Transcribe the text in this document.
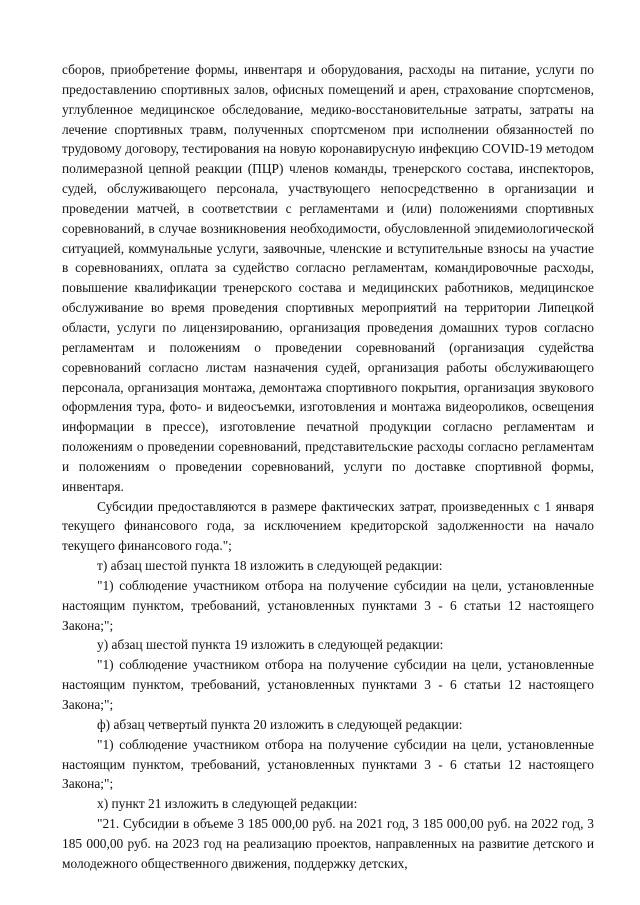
сборов, приобретение формы, инвентаря и оборудования, расходы на питание, услуги по предоставлению спортивных залов, офисных помещений и арен, страхование спортсменов, углубленное медицинское обследование, медико-восстановительные затраты, затраты на лечение спортивных травм, полученных спортсменом при исполнении обязанностей по трудовому договору, тестирования на новую коронавирусную инфекцию COVID-19 методом полимеразной цепной реакции (ПЦР) членов команды, тренерского состава, инспекторов, судей, обслуживающего персонала, участвующего непосредственно в организации и проведении матчей, в соответствии с регламентами и (или) положениями спортивных соревнований, в случае возникновения необходимости, обусловленной эпидемиологической ситуацией, коммунальные услуги, заявочные, членские и вступительные взносы на участие в соревнованиях, оплата за судейство согласно регламентам, командировочные расходы, повышение квалификации тренерского состава и медицинских работников, медицинское обслуживание во время проведения спортивных мероприятий на территории Липецкой области, услуги по лицензированию, организация проведения домашних туров согласно регламентам и положениям о проведении соревнований (организация судейства соревнований согласно листам назначения судей, организация работы обслуживающего персонала, организация монтажа, демонтажа спортивного покрытия, организация звукового оформления тура, фото- и видеосъемки, изготовления и монтажа видеороликов, освещения информации в прессе), изготовление печатной продукции согласно регламентам и положениям о проведении соревнований, представительские расходы согласно регламентам и положениям о проведении соревнований, услуги по доставке спортивной формы, инвентаря.

Субсидии предоставляются в размере фактических затрат, произведенных с 1 января текущего финансового года, за исключением кредиторской задолженности на начало текущего финансового года.";

т) абзац шестой пункта 18 изложить в следующей редакции:

"1) соблюдение участником отбора на получение субсидии на цели, установленные настоящим пунктом, требований, установленных пунктами 3 - 6 статьи 12 настоящего Закона;";

у) абзац шестой пункта 19 изложить в следующей редакции:

"1) соблюдение участником отбора на получение субсидии на цели, установленные настоящим пунктом, требований, установленных пунктами 3 - 6 статьи 12 настоящего Закона;";

ф) абзац четвертый пункта 20 изложить в следующей редакции:

"1) соблюдение участником отбора на получение субсидии на цели, установленные настоящим пунктом, требований, установленных пунктами 3 - 6 статьи 12 настоящего Закона;";

х) пункт 21 изложить в следующей редакции:

"21. Субсидии в объеме 3 185 000,00 руб. на 2021 год, 3 185 000,00 руб. на 2022 год, 3 185 000,00 руб. на 2023 год на реализацию проектов, направленных на развитие детского и молодежного общественного движения, поддержку детских,
